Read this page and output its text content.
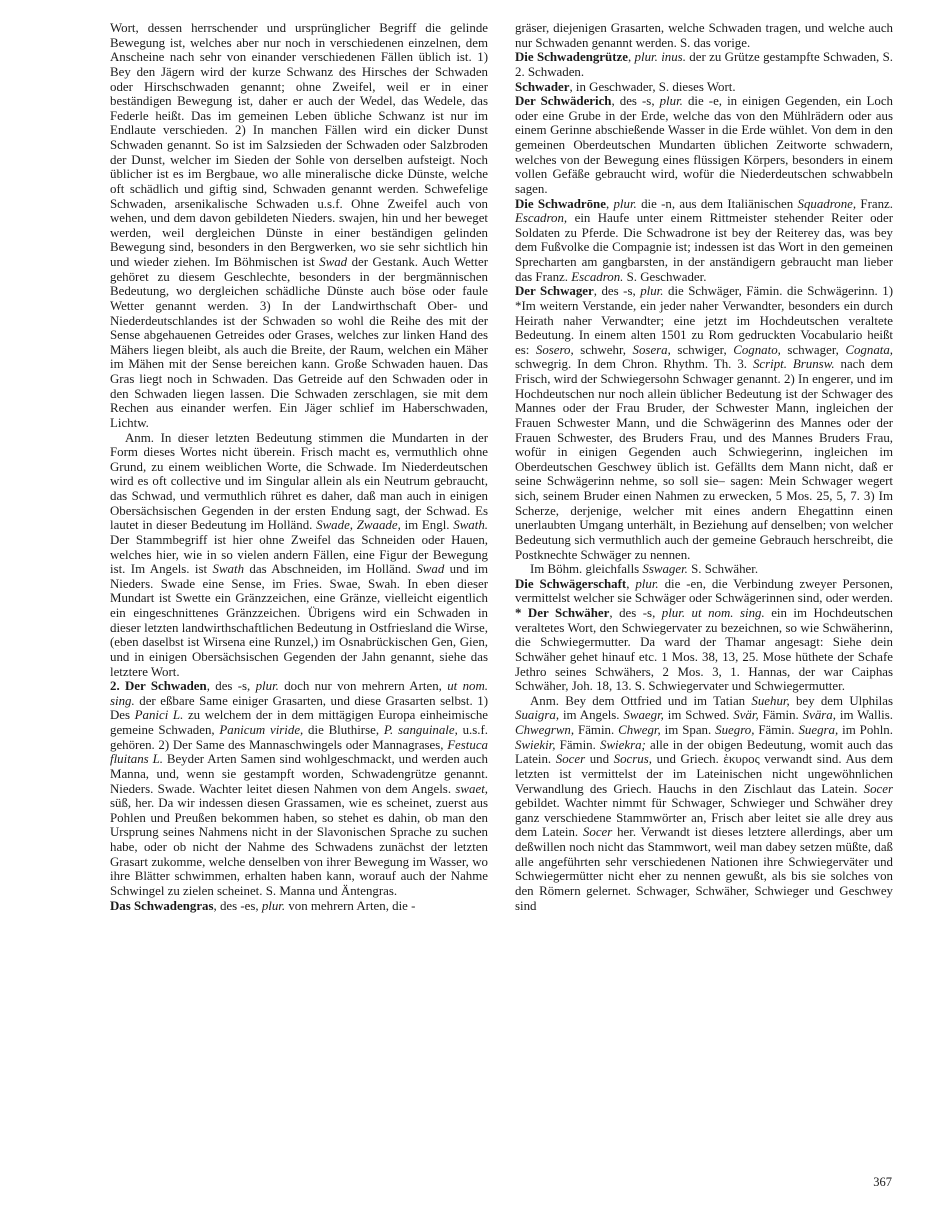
Wort, dessen herrschender und ursprünglicher Begriff die gelinde Bewegung ist, welches aber nur noch in verschiedenen einzelnen, dem Anscheine nach sehr von einander verschiedenen Fällen üblich ist. 1) Bey den Jägern wird der kurze Schwanz des Hirsches der Schwaden oder Hirschschwaden genannt; ohne Zweifel, weil er in einer beständigen Bewegung ist, daher er auch der Wedel, das Wedele, das Federle heißt. Das im gemeinen Leben übliche Schwanz ist nur im Endlaute verschieden. 2) In manchen Fällen wird ein dicker Dunst Schwaden genannt. So ist im Salzsieden der Schwaden oder Salzbroden der Dunst, welcher im Sieden der Sohle von derselben aufsteigt. Noch üblicher ist es im Bergbaue, wo alle mineralische dicke Dünste, welche oft schädlich und giftig sind, Schwaden genannt werden. Schwefelige Schwaden, arsenikalische Schwaden u.s.f. Ohne Zweifel auch von wehen, und dem davon gebildeten Nieders. swajen, hin und her beweget werden, weil dergleichen Dünste in einer beständigen gelinden Bewegung sind, besonders in den Bergwerken, wo sie sehr sichtlich hin und wieder ziehen. Im Böhmischen ist Swad der Gestank. Auch Wetter gehöret zu diesem Geschlechte, besonders in der bergmännischen Bedeutung, wo dergleichen schädliche Dünste auch böse oder faule Wetter genannt werden. 3) In der Landwirthschaft Ober- und Niederdeutschlandes ist der Schwaden so wohl die Reihe des mit der Sense abgehauenen Getreides oder Grases, welches zur linken Hand des Mähers liegen bleibt, als auch die Breite, der Raum, welchen ein Mäher im Mähen mit der Sense bereichen kann. Große Schwaden hauen. Das Gras liegt noch in Schwaden. Das Getreide auf den Schwaden oder in den Schwaden liegen lassen. Die Schwaden zerschlagen, sie mit dem Rechen aus einander werfen. Ein Jäger schlief im Haberschwaden, Lichtw.

Anm. In dieser letzten Bedeutung stimmen die Mundarten in der Form dieses Wortes nicht überein. Frisch macht es, vermuthlich ohne Grund, zu einem weiblichen Worte, die Schwade. Im Niederdeutschen wird es oft collective und im Singular allein als ein Neutrum gebraucht, das Schwad, und vermuthlich rühret es daher, daß man auch in einigen Obersächsischen Gegenden in der ersten Endung sagt, der Schwad. Es lautet in dieser Bedeutung im Holländ. Swade, Zwaade, im Engl. Swath. Der Stammbegriff ist hier ohne Zweifel das Schneiden oder Hauen, welches hier, wie in so vielen andern Fällen, eine Figur der Bewegung ist. Im Angels. ist Swath das Abschneiden, im Holländ. Swad und im Nieders. Swade eine Sense, im Fries. Swae, Swah. In eben dieser Mundart ist Swette ein Gränzzeichen, eine Gränze, vielleicht eigentlich ein eingeschnittenes Gränzzeichen. Übrigens wird ein Schwaden in dieser letzten landwirthschaftlichen Bedeutung in Ostfriesland die Wirse, (eben daselbst ist Wirsena eine Runzel,) im Osnabrückischen Gen, Gien, und in einigen Obersächsischen Gegenden der Jahn genannt, siehe das letztere Wort.

2. Der Schwaden, des -s, plur. doch nur von mehrern Arten, ut nom. sing. der eßbare Same einiger Grasarten, und diese Grasarten selbst. 1) Des Panici L. zu welchem der in dem mittägigen Europa einheimische gemeine Schwaden, Panicum viride, die Bluthirse, P. sanguinale, u.s.f. gehören. 2) Der Same des Mannaschwingels oder Mannagrases, Festuca fluitans L. Beyder Arten Samen sind wohlgeschmackt, und werden auch Manna, und, wenn sie gestampft worden, Schwadengrütze genannt. Nieders. Swade. Wachter leitet diesen Nahmen von dem Angels. swaet, süß, her. Da wir indessen diesen Grassamen, wie es scheinet, zuerst aus Pohlen und Preußen bekommen haben, so stehet es dahin, ob man den Ursprung seines Nahmens nicht in der Slavonischen Sprache zu suchen habe, oder ob nicht der Nahme des Schwadens zunächst der letzten Grasart zukomme, welche denselben von ihrer Bewegung im Wasser, wo ihre Blätter schwimmen, erhalten haben kann, worauf auch der Nahme Schwingel zu zielen scheinet. S. Manna und Äntengras.

Das Schwadengras, des -es, plur. von mehrern Arten, die -

gräser, diejenigen Grasarten, welche Schwaden tragen, und welche auch nur Schwaden genannt werden. S. das vorige.

Die Schwadengrütze, plur. inus. der zu Grütze gestampfte Schwaden, S. 2. Schwaden.

Schwader, in Geschwader, S. dieses Wort.

Der Schwäderich, des -s, plur. die -e, in einigen Gegenden, ein Loch oder eine Grube in der Erde, welche das von den Mühlrädern oder aus einem Gerinne abschießende Wasser in die Erde wühlet. Von dem in den gemeinen Oberdeutschen Mundarten üblichen Zeitworte schwadern, welches von der Bewegung eines flüssigen Körpers, besonders in einem vollen Gefäße gebraucht wird, wofür die Niederdeutschen schwabbeln sagen.

Die Schwadrōne, plur. die -n, aus dem Italiänischen Squadrone, Franz. Escadron, ein Haufe unter einem Rittmeister stehender Reiter oder Soldaten zu Pferde. Die Schwadrone ist bey der Reiterey das, was bey dem Fußvolke die Compagnie ist; indessen ist das Wort in den gemeinen Sprecharten am gangbarsten, in der anständigern gebraucht man lieber das Franz. Escadron. S. Geschwader.

Der Schwager, des -s, plur. die Schwäger, Fämin. die Schwägerinn. 1) *Im weitern Verstande, ein jeder naher Verwandter, besonders ein durch Heirath naher Verwandter; eine jetzt im Hochdeutschen veraltete Bedeutung. In einem alten 1501 zu Rom gedruckten Vocabulario heißt es: Sosero, schwehr, Sosera, schwiger, Cognato, schwager, Cognata, schwegrig. In dem Chron. Rhythm. Th. 3. Script. Brunsw. nach dem Frisch, wird der Schwiegersohn Schwager genannt. 2) In engerer, und im Hochdeutschen nur noch allein üblicher Bedeutung ist der Schwager des Mannes oder der Frau Bruder, der Schwester Mann, ingleichen der Frauen Schwester Mann, und die Schwägerinn des Mannes oder der Frauen Schwester, des Bruders Frau, und des Mannes Bruders Frau, wofür in einigen Gegenden auch Schwiegerinn, ingleichen im Oberdeutschen Geschwey üblich ist. Gefällts dem Mann nicht, daß er seine Schwägerinn nehme, so soll sie– sagen: Mein Schwager wegert sich, seinem Bruder einen Nahmen zu erwecken, 5 Mos. 25, 5, 7. 3) Im Scherze, derjenige, welcher mit eines andern Ehegattinn einen unerlaubten Umgang unterhält, in Beziehung auf denselben; von welcher Bedeutung sich vermuthlich auch der gemeine Gebrauch herschreibt, die Postknechte Schwäger zu nennen.

Im Böhm. gleichfalls Sswager. S. Schwäher.

Die Schwägerschaft, plur. die -en, die Verbindung zweyer Personen, vermittelst welcher sie Schwäger oder Schwägerinnen sind, oder werden.

* Der Schwäher, des -s, plur. ut nom. sing. ein im Hochdeutschen veraltetes Wort, den Schwiegervater zu bezeichnen, so wie Schwäherinn, die Schwiegermutter. Da ward der Thamar angesagt: Siehe dein Schwäher gehet hinauf etc. 1 Mos. 38, 13, 25. Mose hüthete der Schafe Jethro seines Schwähers, 2 Mos. 3, 1. Hannas, der war Caiphas Schwäher, Joh. 18, 13. S. Schwiegervater und Schwiegermutter.

Anm. Bey dem Ottfried und im Tatian Suehur, bey dem Ulphilas Suaigra, im Angels. Swaegr, im Schwed. Svär, Fämin. Svära, im Wallis. Chwegrwn, Fämin. Chwegr, im Span. Suegro, Fämin. Suegra, im Pohln. Swiekir, Fämin. Swiekra; alle in der obigen Bedeutung, womit auch das Latein. Socer und Socrus, und Griech. ἑκυρος verwandt sind. Aus dem letzten ist vermittelst der im Lateinischen nicht ungewöhnlichen Verwandlung des Griech. Hauchs in den Zischlaut das Latein. Socer gebildet. Wachter nimmt für Schwager, Schwieger und Schwäher drey ganz verschiedene Stammwörter an, Frisch aber leitet sie alle drey aus dem Latein. Socer her. Verwandt ist dieses letztere allerdings, aber um deßwillen noch nicht das Stammwort, weil man dabey setzen müßte, daß alle angeführten sehr verschiedenen Nationen ihre Schwiegerväter und Schwiegermütter nicht eher zu nennen gewußt, als bis sie solches von den Römern gelernet. Schwager, Schwäher, Schwieger und Geschwey sind

367
